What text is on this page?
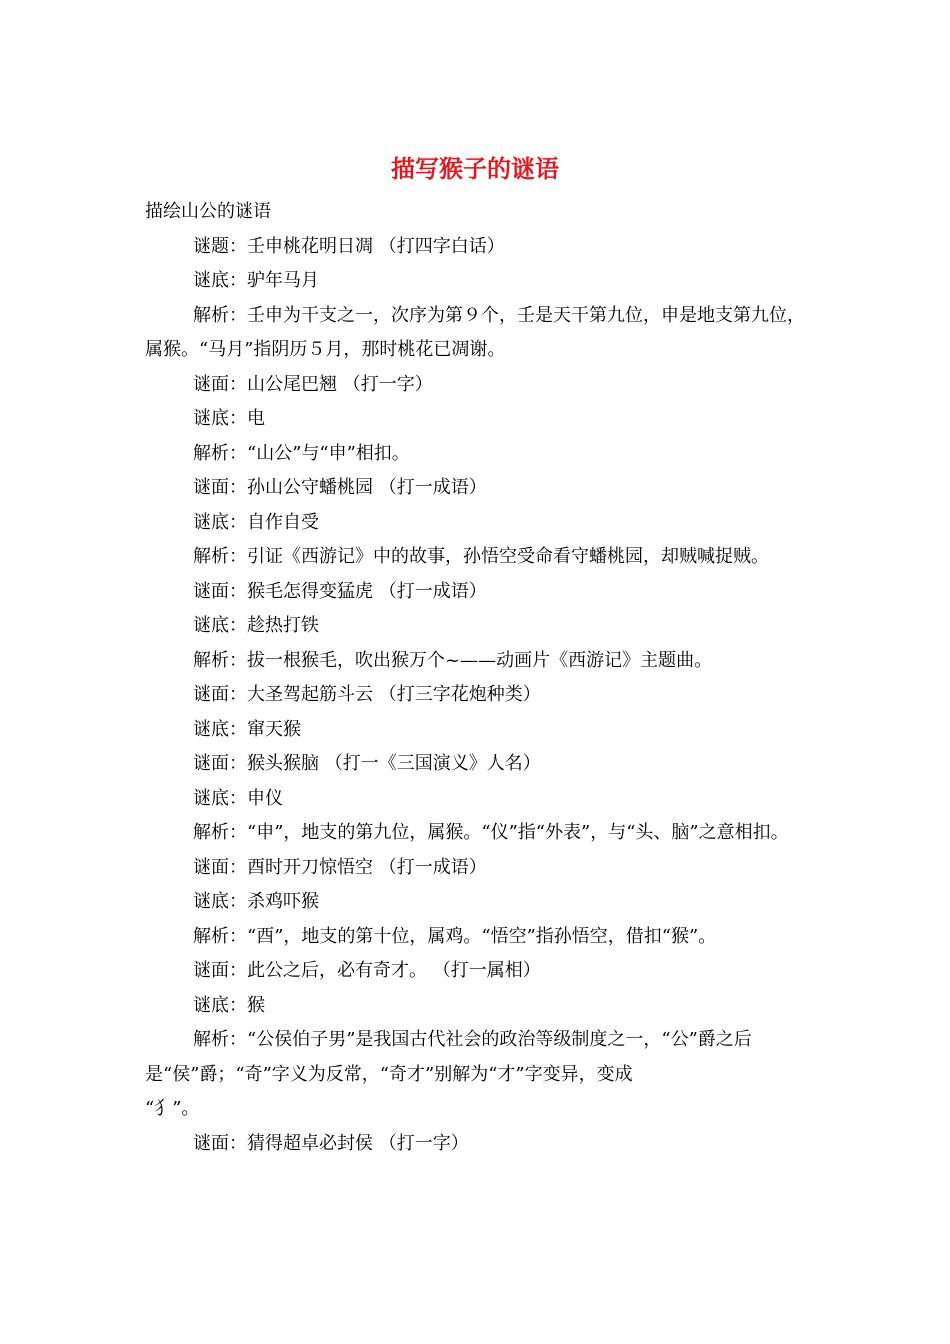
描写猴子的谜语

描绘山公的谜语

谜题：壬申桃花明日凋 （打四字白话）

谜底：驴年马月

解析：壬申为干支之一，次序为第９个，壬是天干第九位，申是地支第九位，属猴。“马月”指阴历５月，那时桃花已凋谢。

谜面：山公尾巴翘 （打一字）

谜底：电

解析：“山公”与“申”相扣。

谜面：孙山公守蟠桃园 （打一成语）

谜底：自作自受

解析：引证《西游记》中的故事，孙悟空受命看守蟠桃园，却贼喊捉贼。

谜面：猴毛怎得变猛虎 （打一成语）

谜底：趁热打铁

解析：拔一根猴毛，吹出猴万个~——动画片《西游记》主题曲。

谜面：大圣驾起筋斗云 （打三字花炮种类）

谜底：窜天猴

谜面：猴头猴脑 （打一《三国演义》人名）

谜底：申仪

解析：“申”，地支的第九位，属猴。“仪”指“外表”，与“头、脑”之意相扣。

谜面：酉时开刀惊悟空 （打一成语）

谜底：杀鸡吓猴

解析：“酉”，地支的第十位，属鸡。“悟空”指孙悟空，借扣“猴”。

谜面：此公之后，必有奇才。 （打一属相）

谜底：猴

解析：“公侯伯子男”是我国古代社会的政治等级制度之一，“公”爵之后是“侯”爵；“奇”字义为反常，“奇才”别解为“才”字变异，变成

“犭”。

谜面：猜得超卓必封侯 （打一字）
